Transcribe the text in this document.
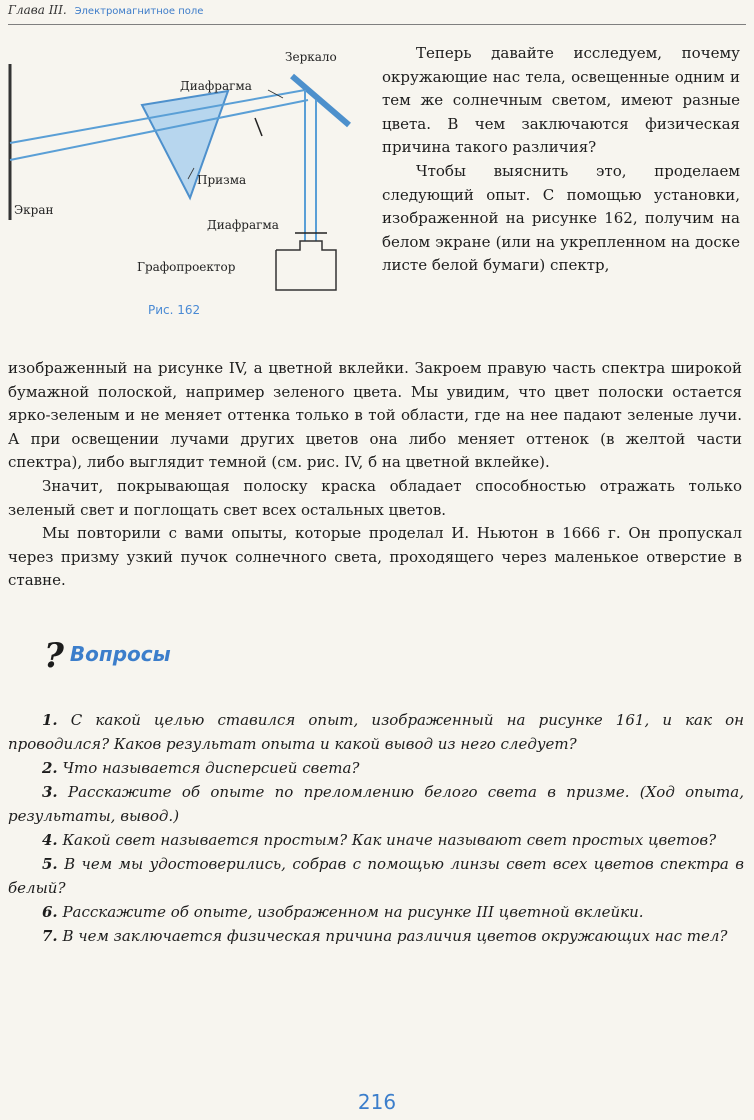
Глава III. Электромагнитное поле
Зеркало
Диафрагма
Призма
Экран
Диафрагма
Графопроектор
Рис. 162

Теперь давайте исследуем, почему окружающие нас тела, освещенные одним и тем же солнечным светом, имеют разные цвета. В чем заключаются физическая причина такого различия?

Чтобы выяснить это, проделаем следующий опыт. С помощью установки, изображенной на рисунке 162, получим на белом экране (или на укрепленном на доске листе белой бумаги) спектр,

изображенный на рисунке IV, а цветной вклейки. Закроем правую часть спектра широкой бумажной полоской, например зеленого цвета. Мы увидим, что цвет полоски остается ярко-зеленым и не меняет оттенка только в той области, где на нее падают зеленые лучи. А при освещении лучами других цветов она либо меняет оттенок (в желтой части спектра), либо выглядит темной (см. рис. IV, б на цветной вклейке).

Значит, покрывающая полоску краска обладает способностью отражать только зеленый свет и поглощать свет всех остальных цветов.

Мы повторили с вами опыты, которые проделал И. Ньютон в 1666 г. Он пропускал через призму узкий пучок солнечного света, проходящего через маленькое отверстие в ставне.

? Вопросы

1. С какой целью ставился опыт, изображенный на рисунке 161, и как он проводился? Каков результат опыта и какой вывод из него следует?

2. Что называется дисперсией света?

3. Расскажите об опыте по преломлению белого света в призме. (Ход опыта, результаты, вывод.)

4. Какой свет называется простым? Как иначе называют свет простых цветов?

5. В чем мы удостоверились, собрав с помощью линзы свет всех цветов спектра в белый?

6. Расскажите об опыте, изображенном на рисунке III цветной вклейки.

7. В чем заключается физическая причина различия цветов окружающих нас тел?

216
